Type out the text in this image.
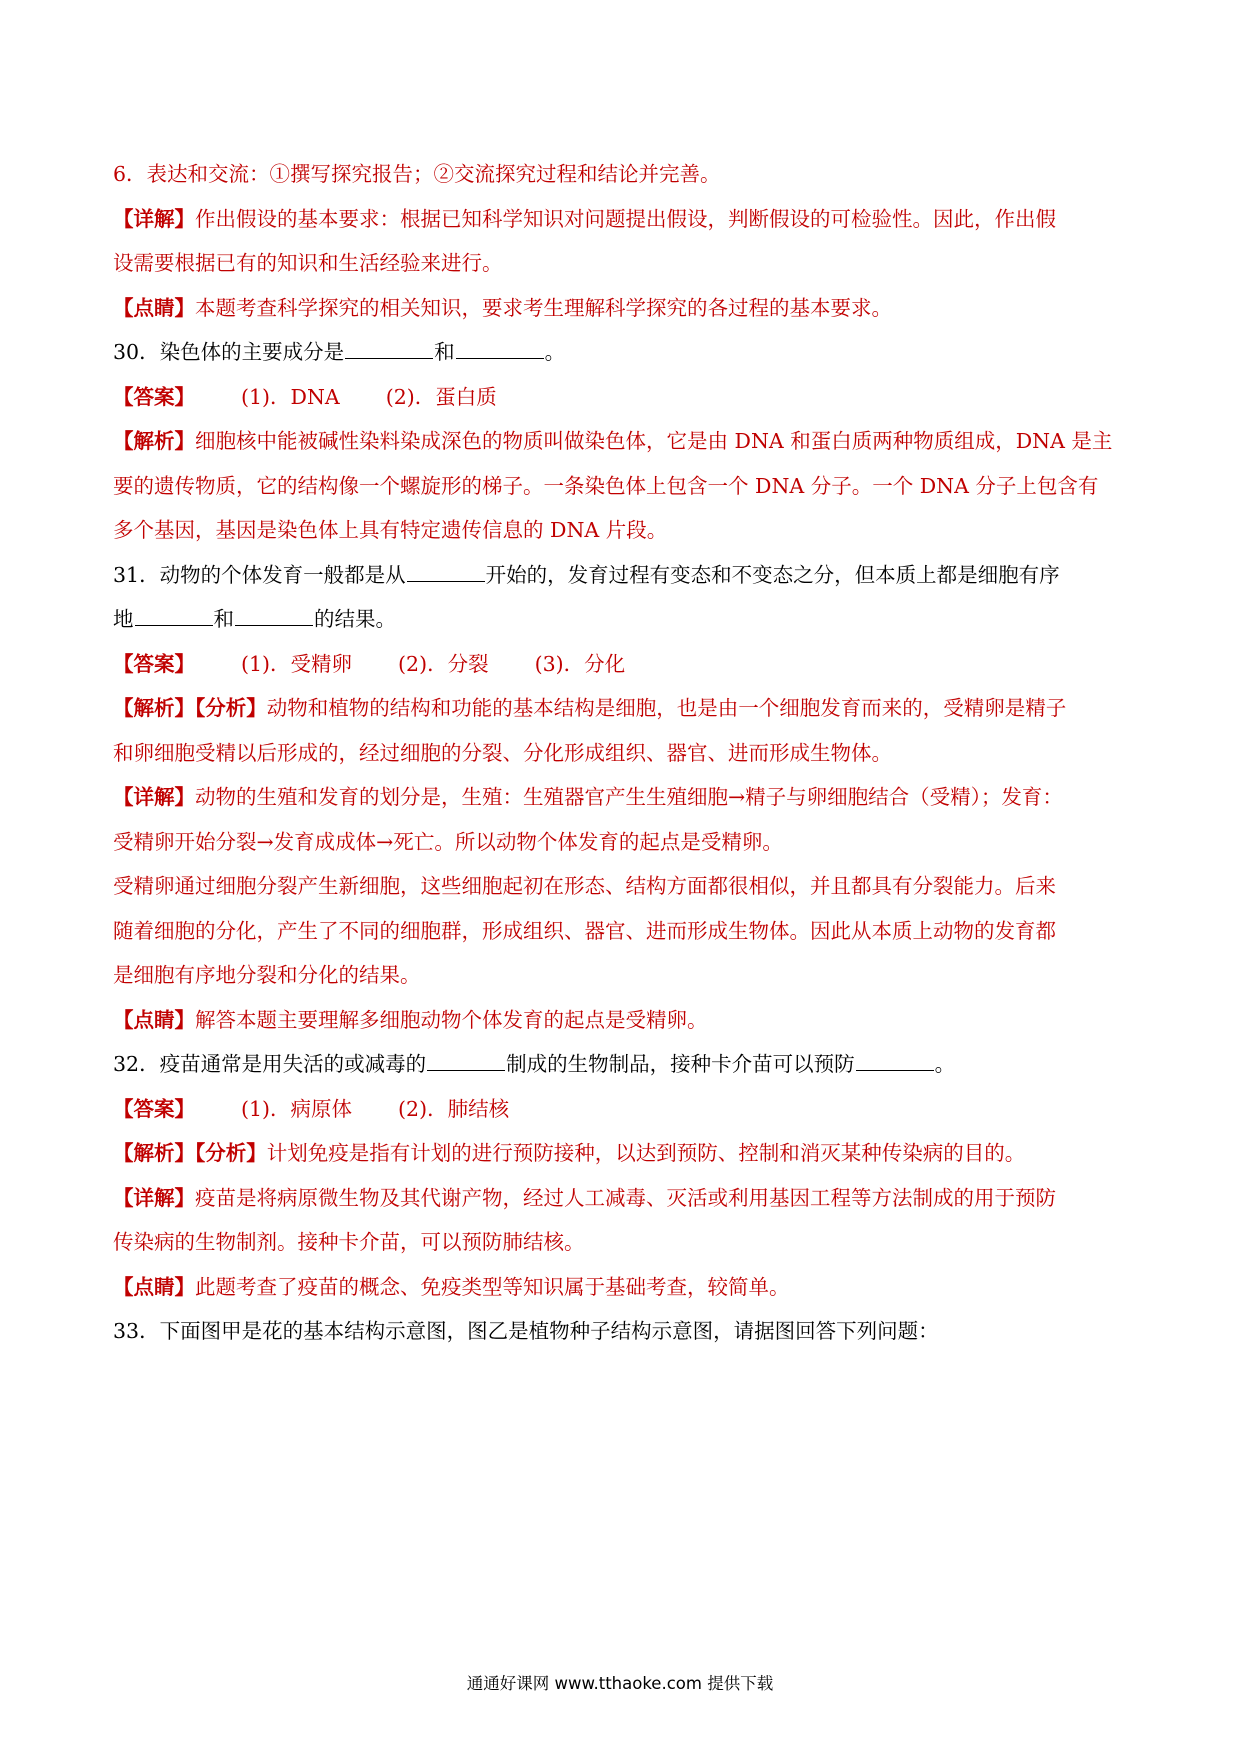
6．表达和交流：①撰写探究报告；②交流探究过程和结论并完善。
【详解】作出假设的基本要求：根据已知科学知识对问题提出假设，判断假设的可检验性。因此，作出假
设需要根据已有的知识和生活经验来进行。
【点睛】本题考查科学探究的相关知识，要求考生理解科学探究的各过程的基本要求。
30．染色体的主要成分是	和	。
【答案】 (1)．DNA (2)．蛋白质
【解析】细胞核中能被碱性染料染成深色的物质叫做染色体，它是由 DNA 和蛋白质两种物质组成，DNA 是主
要的遗传物质，它的结构像一个螺旋形的梯子。一条染色体上包含一个 DNA 分子。一个 DNA 分子上包含有
多个基因，基因是染色体上具有特定遗传信息的 DNA 片段。
31．动物的个体发育一般都是从	开始的，发育过程有变态和不变态之分，但本质上都是细胞有序
地	和	的结果。
【答案】 (1)．受精卵 (2)．分裂 (3)．分化
【解析】【分析】动物和植物的结构和功能的基本结构是细胞，也是由一个细胞发育而来的，受精卵是精子
和卵细胞受精以后形成的，经过细胞的分裂、分化形成组织、器官、进而形成生物体。
【详解】动物的生殖和发育的划分是，生殖：生殖器官产生生殖细胞→精子与卵细胞结合（受精）；发育：
受精卵开始分裂→发育成成体→死亡。所以动物个体发育的起点是受精卵。
受精卵通过细胞分裂产生新细胞，这些细胞起初在形态、结构方面都很相似，并且都具有分裂能力。后来
随着细胞的分化，产生了不同的细胞群，形成组织、器官、进而形成生物体。因此从本质上动物的发育都
是细胞有序地分裂和分化的结果。
【点睛】解答本题主要理解多细胞动物个体发育的起点是受精卵。
32．疫苗通常是用失活的或减毒的	制成的生物制品，接种卡介苗可以预防	。
【答案】 (1)．病原体 (2)．肺结核
【解析】【分析】计划免疫是指有计划的进行预防接种，以达到预防、控制和消灭某种传染病的目的。
【详解】疫苗是将病原微生物及其代谢产物，经过人工减毒、灭活或利用基因工程等方法制成的用于预防
传染病的生物制剂。接种卡介苗，可以预防肺结核。
【点睛】此题考查了疫苗的概念、免疫类型等知识属于基础考查，较简单。
33．下面图甲是花的基本结构示意图，图乙是植物种子结构示意图，请据图回答下列问题：
通通好课网 www.tthaoke.com 提供下载
